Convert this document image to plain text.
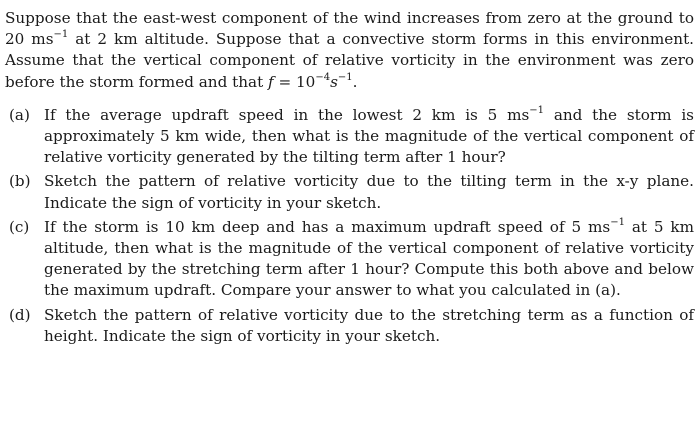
Suppose that the east-west component of the wind increases from zero at the ground to 20 $ms^{-1}$ at 2 km altitude. Suppose that a convective storm forms in this environment. Assume that the vertical component of relative vorticity in the environment was zero before the storm formed and that $f = 10^{-4}s^{-1}$.

(a) If the average updraft speed in the lowest 2 km is 5 $ms^{-1}$ and the storm is approximately 5 km wide, then what is the magnitude of the vertical component of relative vorticity generated by the tilting term after 1 hour?
(b) Sketch the pattern of relative vorticity due to the tilting term in the x-y plane. Indicate the sign of vorticity in your sketch.
(c) If the storm is 10 km deep and has a maximum updraft speed of 5 $ms^{-1}$ at 5 km altitude, then what is the magnitude of the vertical component of relative vorticity generated by the stretching term after 1 hour? Compute this both above and below the maximum updraft. Compare your answer to what you calculated in (a).
(d) Sketch the pattern of relative vorticity due to the stretching term as a function of height. Indicate the sign of vorticity in your sketch.
